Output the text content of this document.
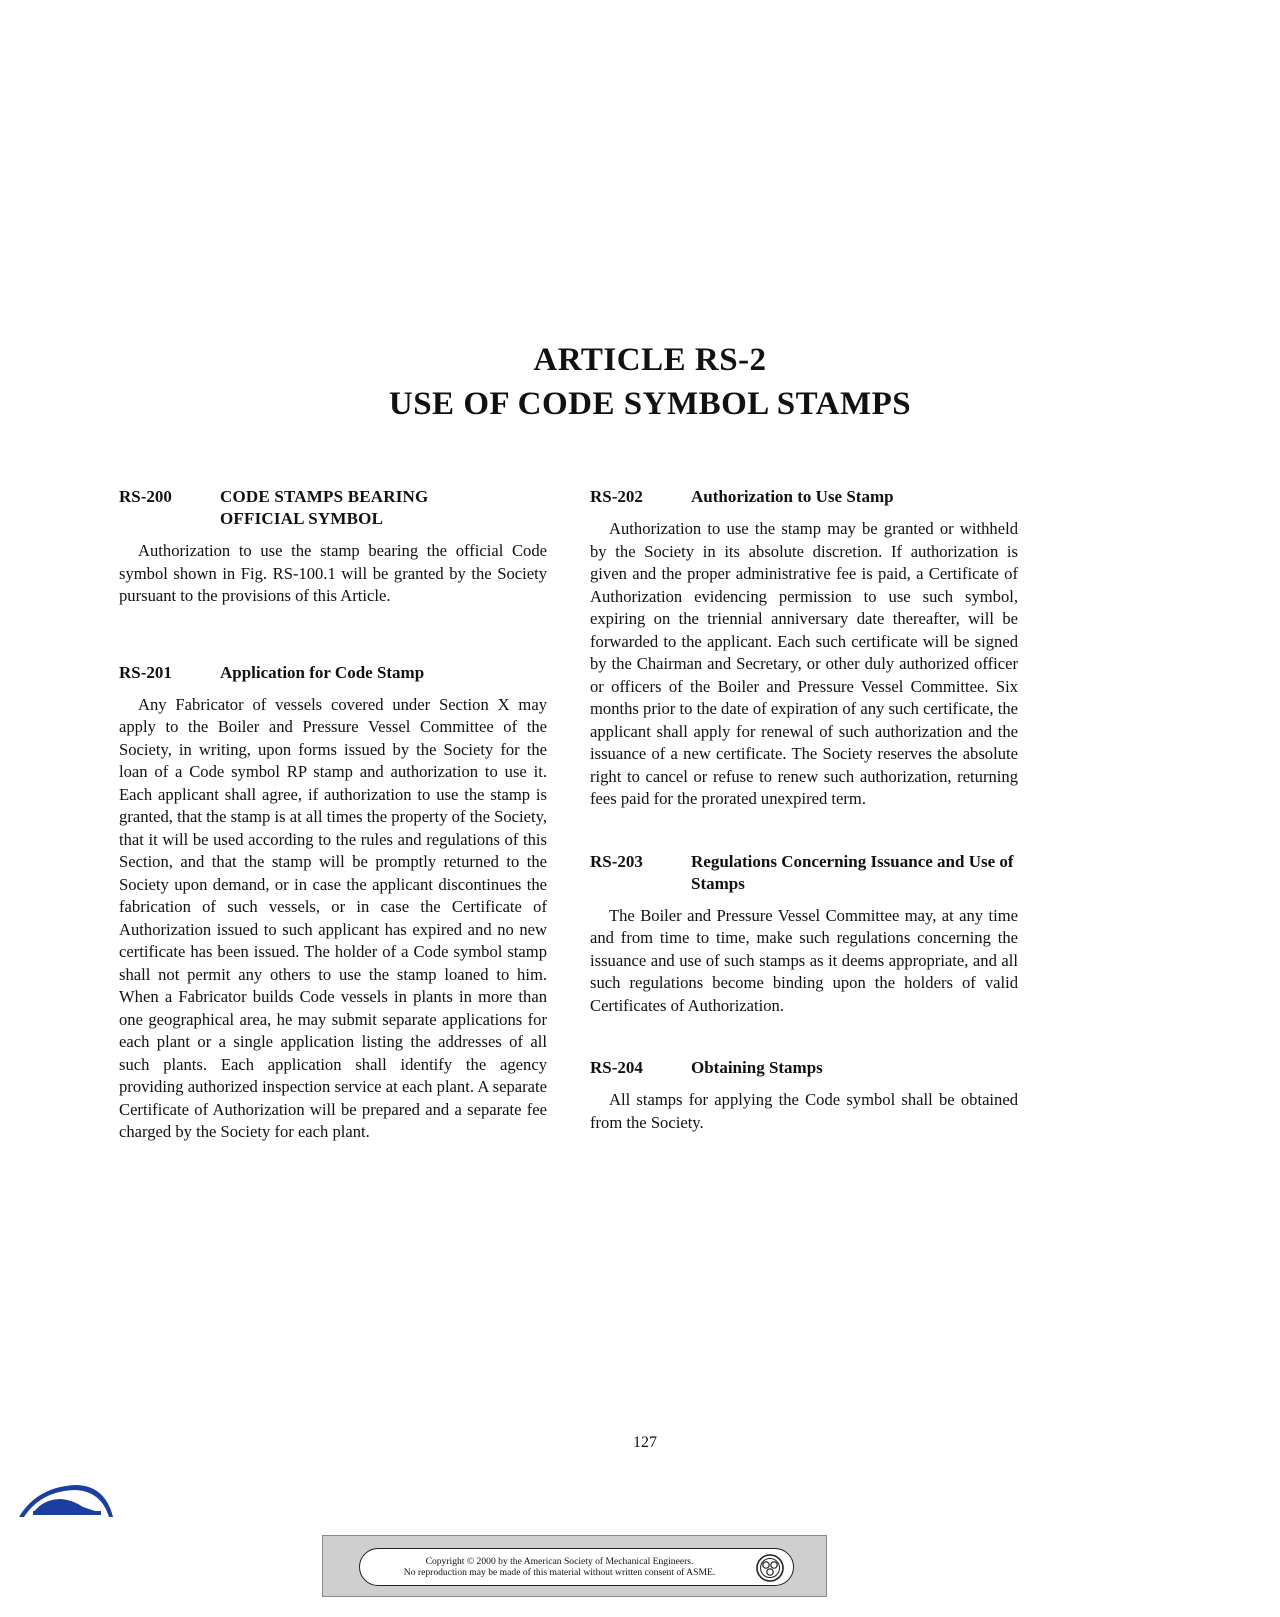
ARTICLE RS-2
USE OF CODE SYMBOL STAMPS
RS-200	CODE STAMPS BEARING OFFICIAL SYMBOL

Authorization to use the stamp bearing the official Code symbol shown in Fig. RS-100.1 will be granted by the Society pursuant to the provisions of this Article.

RS-201	Application for Code Stamp

Any Fabricator of vessels covered under Section X may apply to the Boiler and Pressure Vessel Committee of the Society, in writing, upon forms issued by the Society for the loan of a Code symbol RP stamp and authorization to use it. Each applicant shall agree, if authorization to use the stamp is granted, that the stamp is at all times the property of the Society, that it will be used according to the rules and regulations of this Section, and that the stamp will be promptly returned to the Society upon demand, or in case the applicant discontinues the fabrication of such vessels, or in case the Certificate of Authorization issued to such applicant has expired and no new certificate has been issued. The holder of a Code symbol stamp shall not permit any others to use the stamp loaned to him. When a Fabricator builds Code vessels in plants in more than one geographical area, he may submit separate applications for each plant or a single application listing the addresses of all such plants. Each application shall identify the agency providing authorized inspection service at each plant. A separate Certificate of Authorization will be prepared and a separate fee charged by the Society for each plant.

RS-202	Authorization to Use Stamp

Authorization to use the stamp may be granted or withheld by the Society in its absolute discretion. If authorization is given and the proper administrative fee is paid, a Certificate of Authorization evidencing permission to use such symbol, expiring on the triennial anniversary date thereafter, will be forwarded to the applicant. Each such certificate will be signed by the Chairman and Secretary, or other duly authorized officer or officers of the Boiler and Pressure Vessel Committee. Six months prior to the date of expiration of any such certificate, the applicant shall apply for renewal of such authorization and the issuance of a new certificate. The Society reserves the absolute right to cancel or refuse to renew such authorization, returning fees paid for the prorated unexpired term.

RS-203	Regulations Concerning Issuance and Use of Stamps

The Boiler and Pressure Vessel Committee may, at any time and from time to time, make such regulations concerning the issuance and use of such stamps as it deems appropriate, and all such regulations become binding upon the holders of valid Certificates of Authorization.

RS-204	Obtaining Stamps

All stamps for applying the Code symbol shall be obtained from the Society.

127
Copyright © 2000 by the American Society of Mechanical Engineers.
No reproduction may be made of this material without written consent of ASME.
